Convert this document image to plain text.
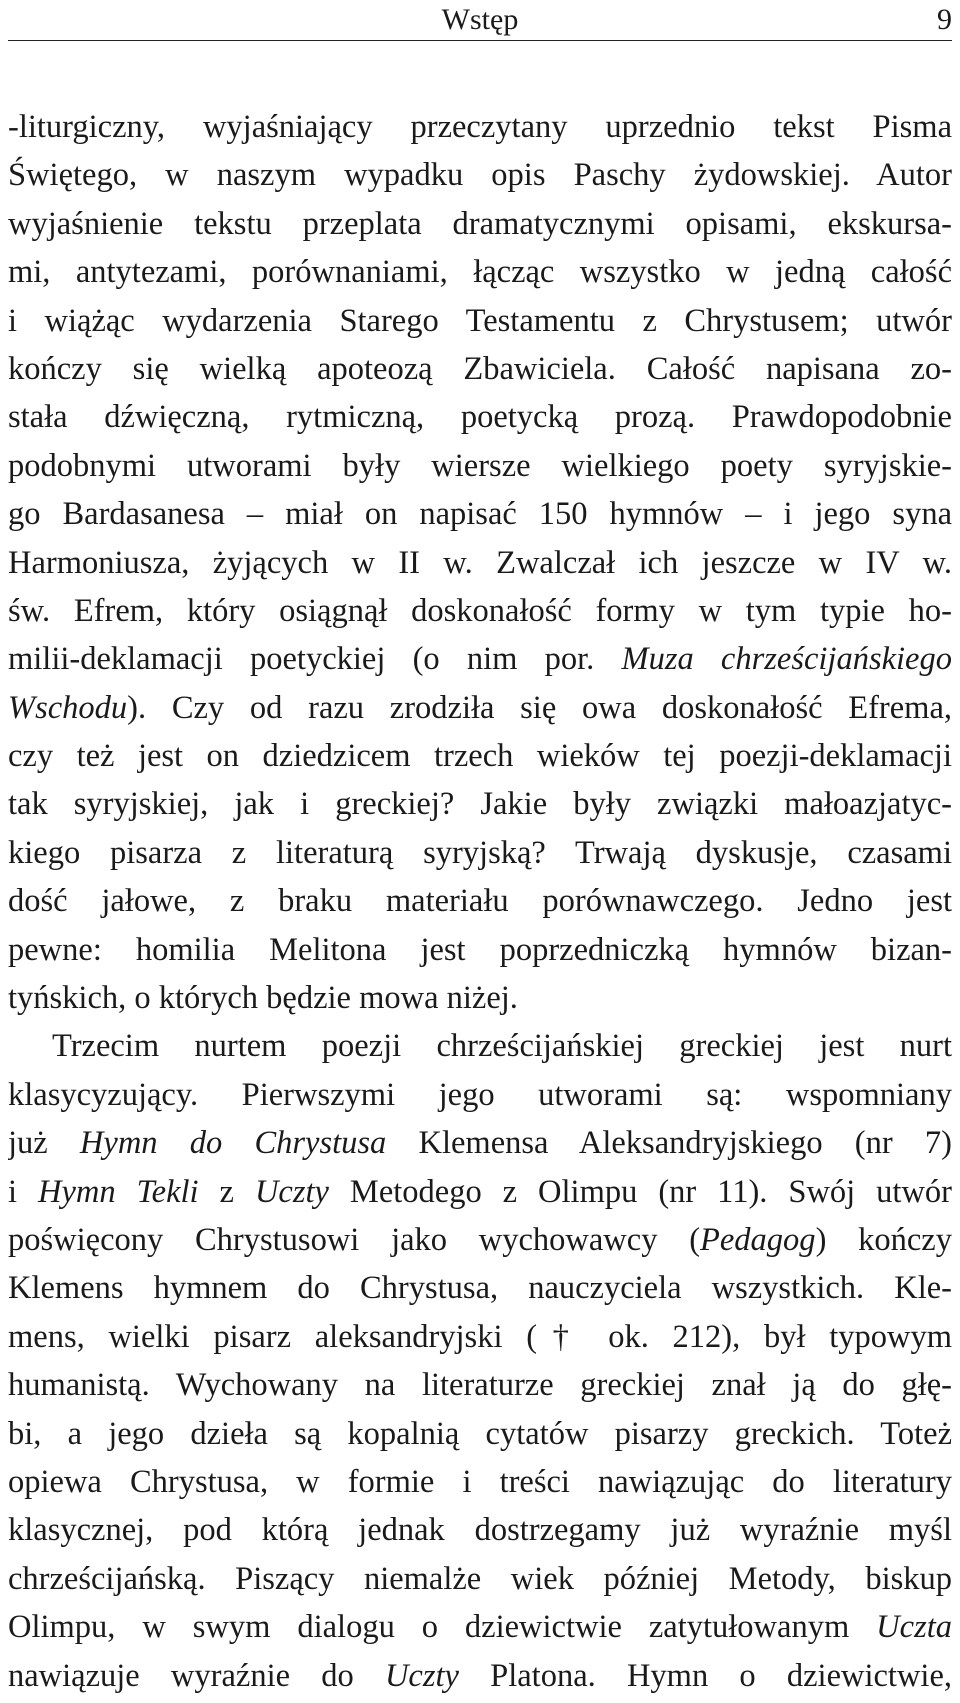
Wstęp	9
-liturgiczny, wyjaśniający przeczytany uprzednio tekst Pisma
Świętego, w naszym wypadku opis Paschy żydowskiej. Autor
wyjaśnienie tekstu przeplata dramatycznymi opisami, ekskursa-
mi, antytezami, porównaniami, łącząc wszystko w jedną całość
i wiążąc wydarzenia Starego Testamentu z Chrystusem; utwór
kończy się wielką apoteozą Zbawiciela. Całość napisana zo-
stała dźwięczną, rytmiczną, poetycką prozą. Prawdopodobnie
podobnymi utworami były wiersze wielkiego poety syryjskie-
go Bardasanesa – miał on napisać 150 hymnów – i jego syna
Harmoniusza, żyjących w II w. Zwalczał ich jeszcze w IV w.
św. Efrem, który osiągnął doskonałość formy w tym typie ho-
milii-deklamacji poetyckiej (o nim por. Muza chrześcijańskiego
Wschodu). Czy od razu zrodziła się owa doskonałość Efrema,
czy też jest on dziedzicem trzech wieków tej poezji-deklamacji
tak syryjskiej, jak i greckiej? Jakie były związki małoazjatyc-
kiego pisarza z literaturą syryjską? Trwają dyskusje, czasami
dość jałowe, z braku materiału porównawczego. Jedno jest
pewne: homilia Melitona jest poprzedniczką hymnów bizan-
tyńskich, o których będzie mowa niżej.
Trzecim nurtem poezji chrześcijańskiej greckiej jest nurt
klasycyzujący. Pierwszymi jego utworami są: wspomniany
już Hymn do Chrystusa Klemensa Aleksandryjskiego (nr 7)
i Hymn Tekli z Uczty Metodego z Olimpu (nr 11). Swój utwór
poświęcony Chrystusowi jako wychowawcy (Pedagog) kończy
Klemens hymnem do Chrystusa, nauczyciela wszystkich. Kle-
mens, wielki pisarz aleksandryjski († ok. 212), był typowym
humanistą. Wychowany na literaturze greckiej znał ją do głę-
bi, a jego dzieła są kopalnią cytatów pisarzy greckich. Toteż
opiewa Chrystusa, w formie i treści nawiązując do literatury
klasycznej, pod którą jednak dostrzegamy już wyraźnie myśl
chrześcijańską. Piszący niemalże wiek później Metody, biskup
Olimpu, w swym dialogu o dziewictwie zatytułowanym Uczta
nawiązuje wyraźnie do Uczty Platona. Hymn o dziewictwie,
